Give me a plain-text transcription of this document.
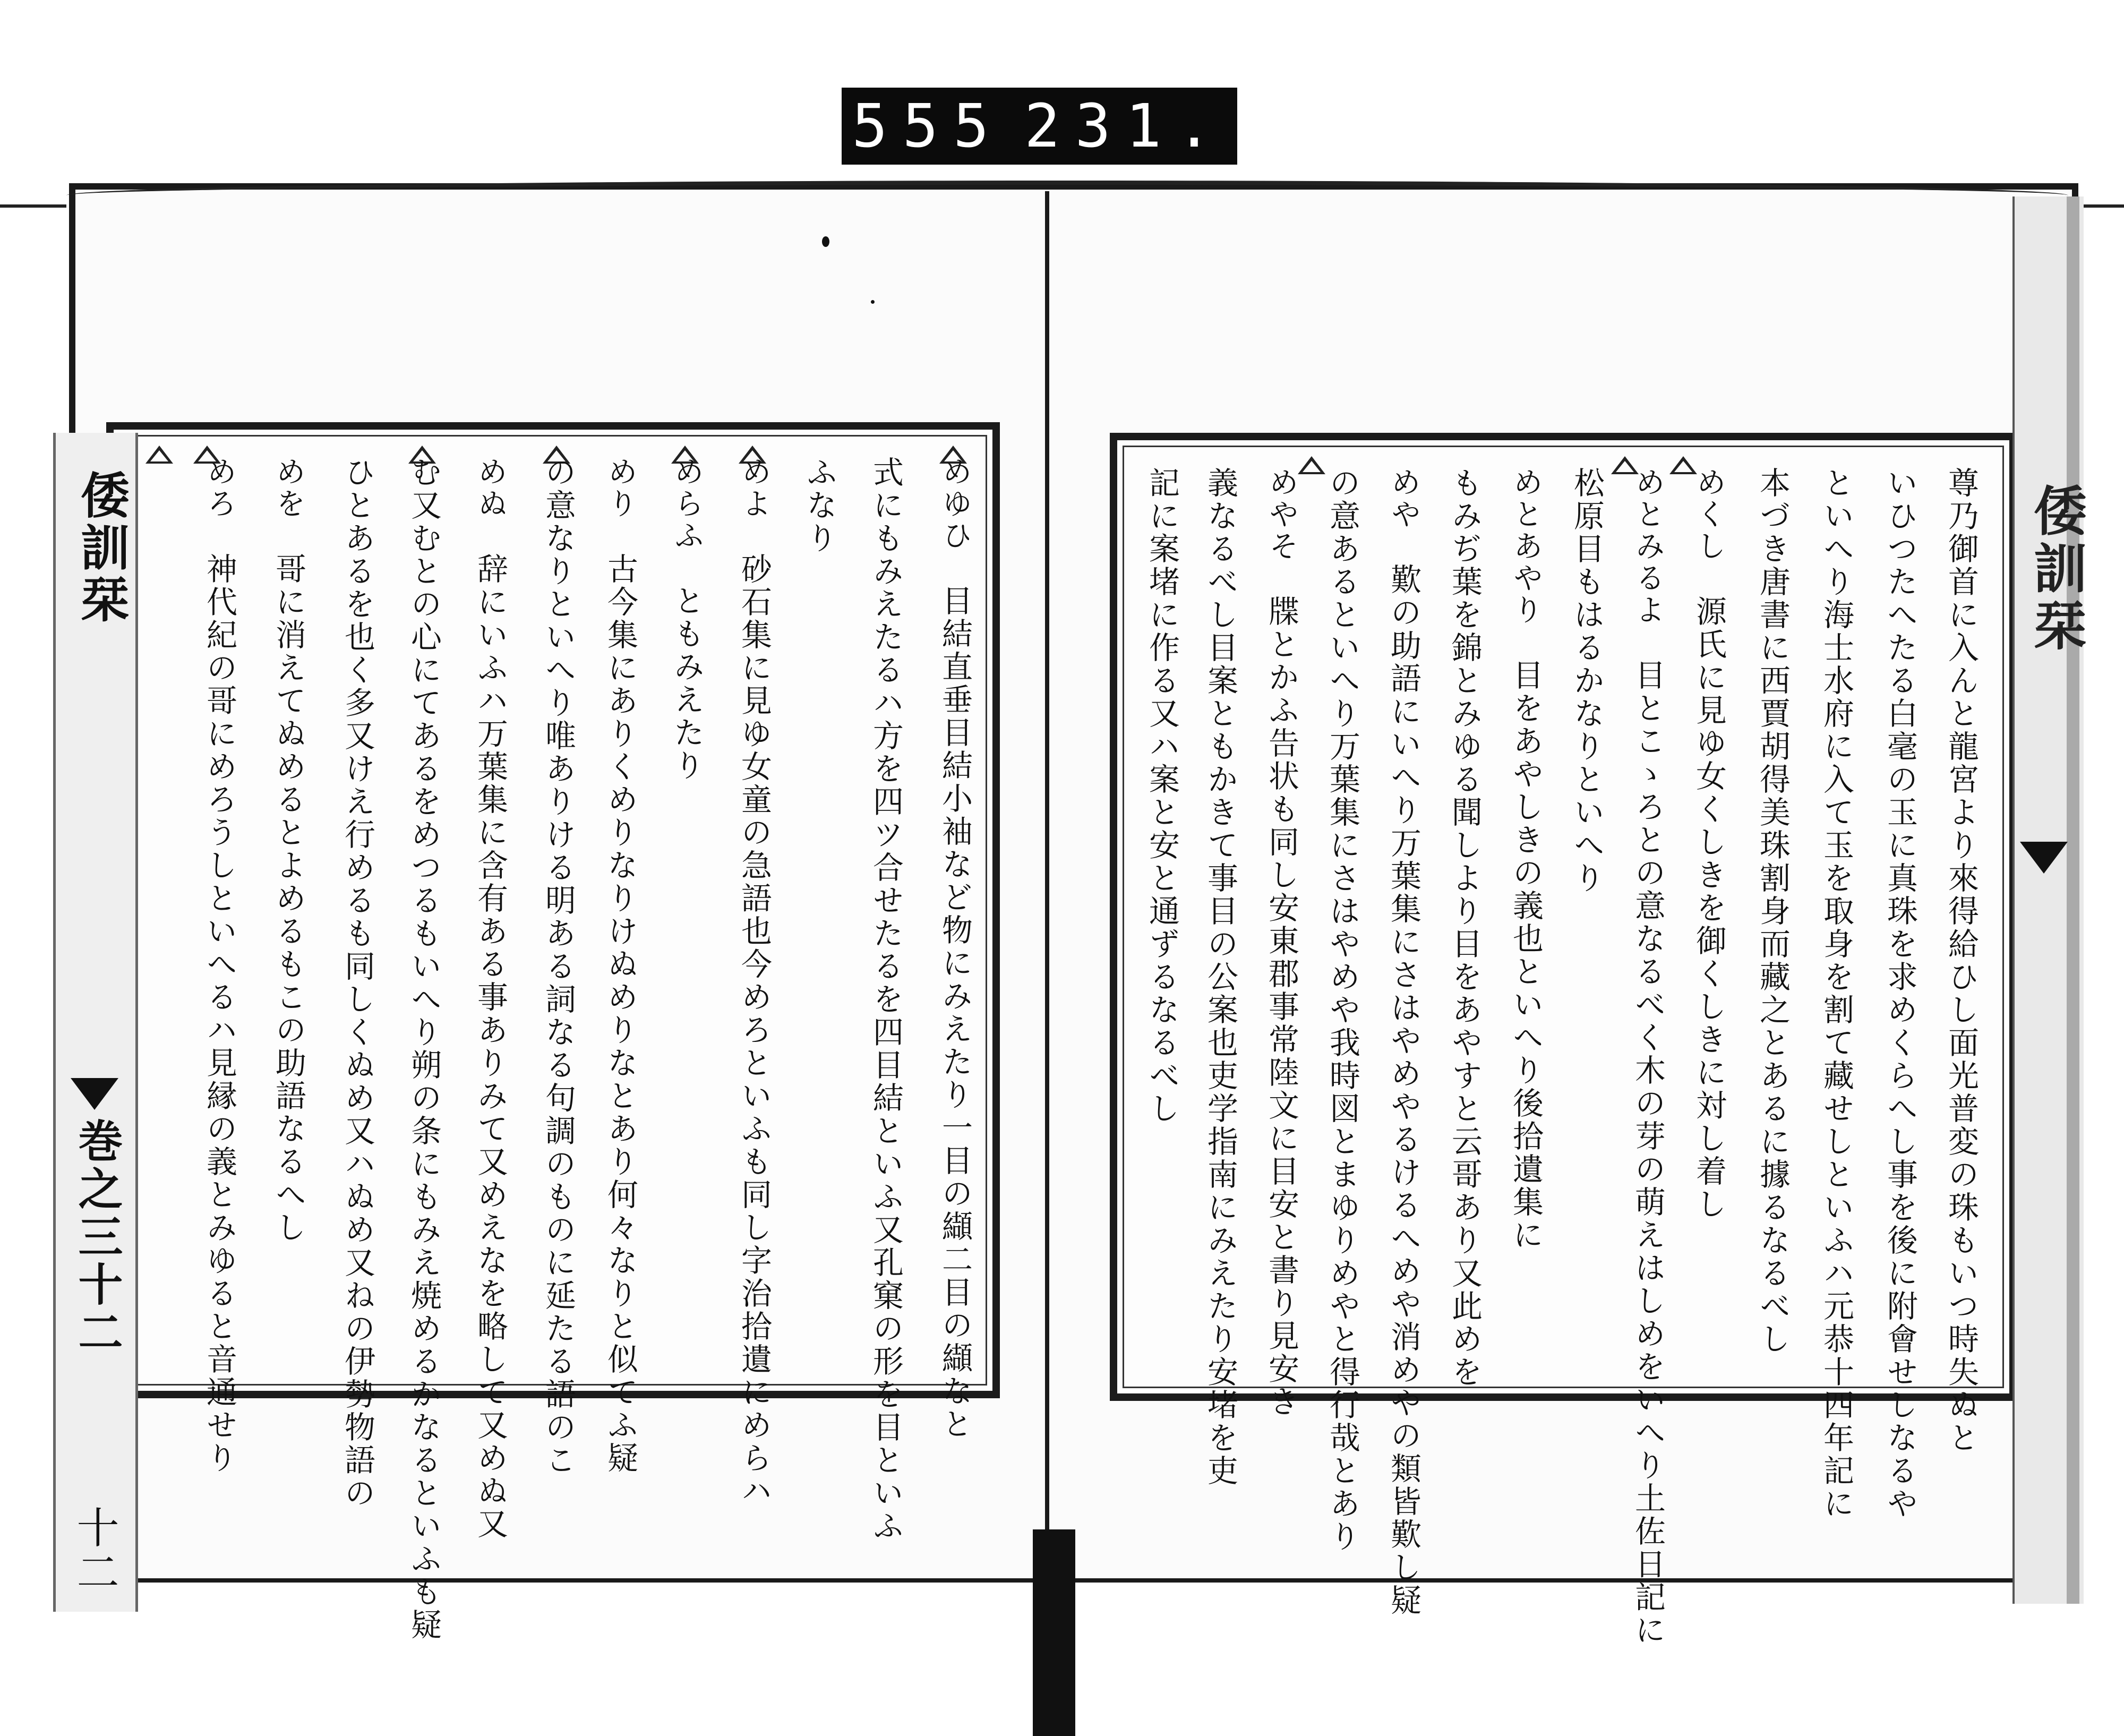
555 231.
めゆひ　目結直垂目結小袖など物にみえたり一目の纈二目の纈なと
式にもみえたるハ方を四ツ合せたるを四目結といふ又孔窠の形を目といふ
ふなり
めよ　砂石集に見ゆ女童の急語也今めろといふも同し字治拾遺にめらハ
めらふ　ともみえたり
めり　古今集にありくめりなりけぬめりなとあり何々なりと似てふ疑
の意なりといへり唯ありける明ある詞なる句調のものに延たる語のこ
めぬ　辞にいふハ万葉集に含有ある事ありみて又めえなを略して又めぬ又
む又むとの心にてあるをめつるもいへり朔の条にもみえ焼めるかなるといふも疑
ひとあるを也く多又けえ行めるも同しくぬめ又ハぬめ又ねの伊勢物語の
めを　哥に消えてぬめるとよめるもこの助語なるへし
めろ　神代紀の哥にめろうしといへるハ見縁の義とみゆると音通せり
倭訓栞
巻之三十二
十二
尊乃御首に入んと龍宮より來得給ひし面光普変の珠もいつ時失ぬと
いひつたへたる白毫の玉に真珠を求めくらへし事を後に附會せしなるや
といへり海士水府に入て玉を取身を割て藏せしといふハ元恭十四年記に
本づき唐書に西賈胡得美珠割身而藏之とあるに據るなるべし
めくし　源氏に見ゆ女くしきを御くしきに対し着し
めとみるよ　目とこゝろとの意なるべく木の芽の萌えはしめをいへり土佐日記に
松原目もはるかなりといへり
めとあやり　目をあやしきの義也といへり後拾遺集に
もみぢ葉を錦とみゆる聞しより目をあやすと云哥あり又此めを
めや　歎の助語にいへり万葉集にさはやめやるけるへめや消めやの類皆歎し疑
の意あるといへり万葉集にさはやめや我時図とまゆりめやと得行哉とあり
めやそ　牒とかふ告状も同し安東郡事常陸文に目安と書り見安き
義なるべし目案ともかきて事目の公案也吏学指南にみえたり安堵を吏
記に案堵に作る又ハ案と安と通ずるなるべし	倭訓栞
